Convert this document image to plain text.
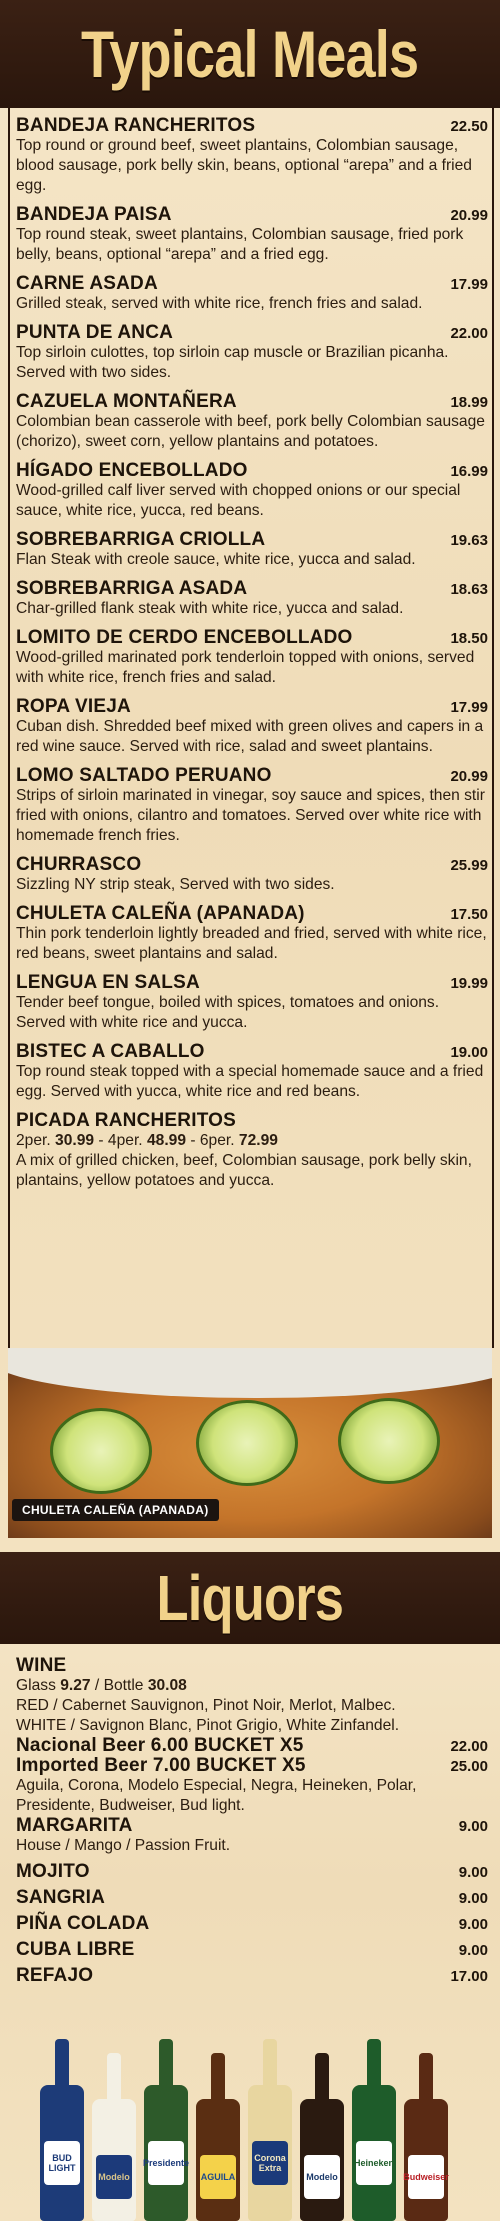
Typical Meals
BANDEJA RANCHERITOS	22.50
Top round or ground beef, sweet plantains, Colombian sausage, blood sausage, pork belly skin, beans, optional “arepa” and a fried egg.
BANDEJA PAISA	20.99
Top round steak, sweet plantains, Colombian sausage, fried pork belly, beans, optional “arepa” and a fried egg.
CARNE ASADA	17.99
Grilled steak, served with white rice, french fries and salad.
PUNTA DE ANCA	22.00
Top sirloin culottes, top sirloin cap muscle or Brazilian picanha. Served with two sides.
CAZUELA MONTAÑERA	18.99
Colombian bean casserole with beef, pork belly Colombian sausage (chorizo), sweet corn, yellow plantains and potatoes.
HÍGADO ENCEBOLLADO	16.99
Wood-grilled calf liver served with chopped onions or our special sauce, white rice, yucca, red beans.
SOBREBARRIGA CRIOLLA	19.63
Flan Steak with creole sauce, white rice, yucca and salad.
SOBREBARRIGA ASADA	18.63
Char-grilled flank steak with white rice, yucca and salad.
LOMITO DE CERDO ENCEBOLLADO	18.50
Wood-grilled marinated pork tenderloin topped with onions, served with white rice, french fries and salad.
ROPA VIEJA	17.99
Cuban dish. Shredded beef mixed with green olives and capers in a red wine sauce. Served with rice, salad and sweet plantains.
LOMO SALTADO PERUANO	20.99
Strips of sirloin marinated in vinegar, soy sauce and spices, then stir fried with onions, cilantro and tomatoes. Served over white rice with homemade french fries.
CHURRASCO	25.99
Sizzling NY strip steak, Served with two sides.
CHULETA CALEÑA (APANADA)	17.50
Thin pork tenderloin lightly breaded and fried, served with white rice, red beans, sweet plantains and salad.
LENGUA EN SALSA	19.99
Tender beef tongue, boiled with spices, tomatoes and onions. Served with white rice and yucca.
BISTEC A CABALLO	19.00
Top round steak topped with a special homemade sauce and a fried egg. Served with yucca, white rice and red beans.
PICADA RANCHERITOS
2per. 30.99 - 4per. 48.99 - 6per. 72.99
A mix of grilled chicken, beef, Colombian sausage, pork belly skin, plantains, yellow potatoes and yucca.
CHULETA CALEÑA (APANADA)
Liquors
WINE
Glass 9.27 / Bottle 30.08
RED / Cabernet Sauvignon, Pinot Noir, Merlot, Malbec.
WHITE / Savignon Blanc, Pinot Grigio, White Zinfandel.
Nacional Beer 6.00 BUCKET X5	22.00
Imported Beer 7.00 BUCKET X5	25.00
Aguila, Corona, Modelo Especial, Negra, Heineken, Polar, Presidente, Budweiser, Bud light.
MARGARITA	9.00
House / Mango / Passion Fruit.
MOJITO	9.00
SANGRIA	9.00
PIÑA COLADA	9.00
CUBA LIBRE	9.00
REFAJO	17.00
BUD LIGHT
Modelo
Presidente
AGUILA
Corona Extra
Modelo
Heineken
Budweiser
